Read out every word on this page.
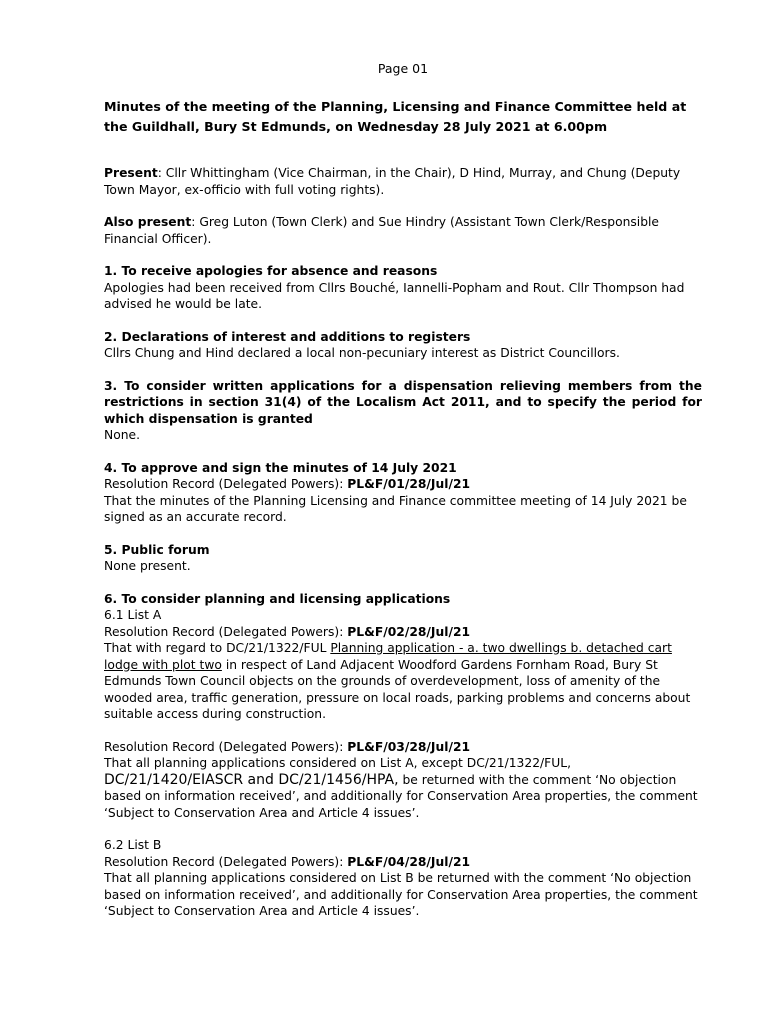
Page 01

Minutes of the meeting of the Planning, Licensing and Finance Committee held at the Guildhall, Bury St Edmunds, on Wednesday 28 July 2021 at 6.00pm

Present: Cllr Whittingham (Vice Chairman, in the Chair), D Hind, Murray, and Chung (Deputy Town Mayor, ex-officio with full voting rights).

Also present: Greg Luton (Town Clerk) and Sue Hindry (Assistant Town Clerk/Responsible Financial Officer).

1. To receive apologies for absence and reasons

Apologies had been received from Cllrs Bouché, Iannelli-Popham and Rout. Cllr Thompson had advised he would be late.

2. Declarations of interest and additions to registers

Cllrs Chung and Hind declared a local non-pecuniary interest as District Councillors.

3. To consider written applications for a dispensation relieving members from the restrictions in section 31(4) of the Localism Act 2011, and to specify the period for which dispensation is granted

None.

4. To approve and sign the minutes of 14 July 2021

Resolution Record (Delegated Powers): PL&F/01/28/Jul/21

That the minutes of the Planning Licensing and Finance committee meeting of 14 July 2021 be signed as an accurate record.

5. Public forum

None present.

6. To consider planning and licensing applications

6.1 List A

Resolution Record (Delegated Powers): PL&F/02/28/Jul/21

That with regard to DC/21/1322/FUL Planning application - a. two dwellings b. detached cart lodge with plot two in respect of Land Adjacent Woodford Gardens Fornham Road, Bury St Edmunds Town Council objects on the grounds of overdevelopment, loss of amenity of the wooded area, traffic generation, pressure on local roads, parking problems and concerns about suitable access during construction.

Resolution Record (Delegated Powers): PL&F/03/28/Jul/21

That all planning applications considered on List A, except DC/21/1322/FUL,
DC/21/1420/EIASCR and DC/21/1456/HPA, be returned with the comment ‘No objection based on information received’, and additionally for Conservation Area properties, the comment ‘Subject to Conservation Area and Article 4 issues’.

6.2 List B

Resolution Record (Delegated Powers): PL&F/04/28/Jul/21

That all planning applications considered on List B be returned with the comment ‘No objection based on information received’, and additionally for Conservation Area properties, the comment ‘Subject to Conservation Area and Article 4 issues’.
